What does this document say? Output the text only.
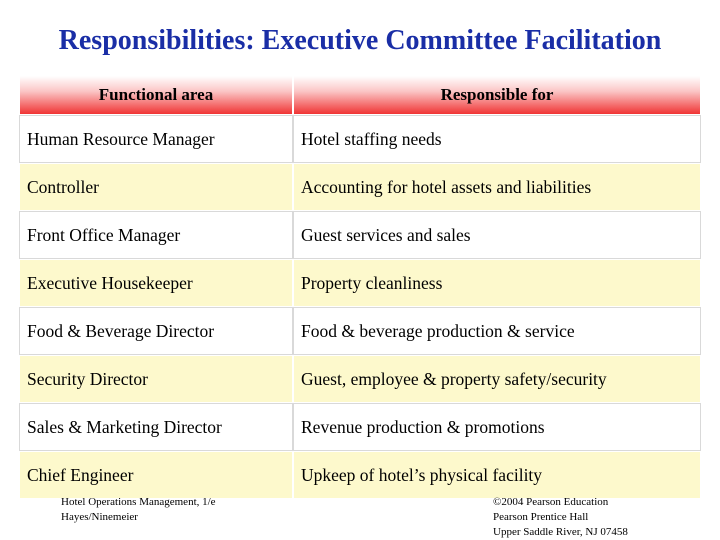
Responsibilities: Executive Committee Facilitation
Functional area	Responsible for
Human Resource Manager	Hotel staffing needs
Controller	Accounting for hotel assets and liabilities
Front Office Manager	Guest services and sales
Executive Housekeeper	Property cleanliness
Food & Beverage Director	Food & beverage production & service
Security Director	Guest, employee & property safety/security
Sales & Marketing Director	Revenue production & promotions
Chief Engineer	Upkeep of hotel’s physical facility
Hotel Operations Management, 1/e
Hayes/Ninemeier
©2004 Pearson Education
Pearson Prentice Hall
Upper Saddle River, NJ 07458
